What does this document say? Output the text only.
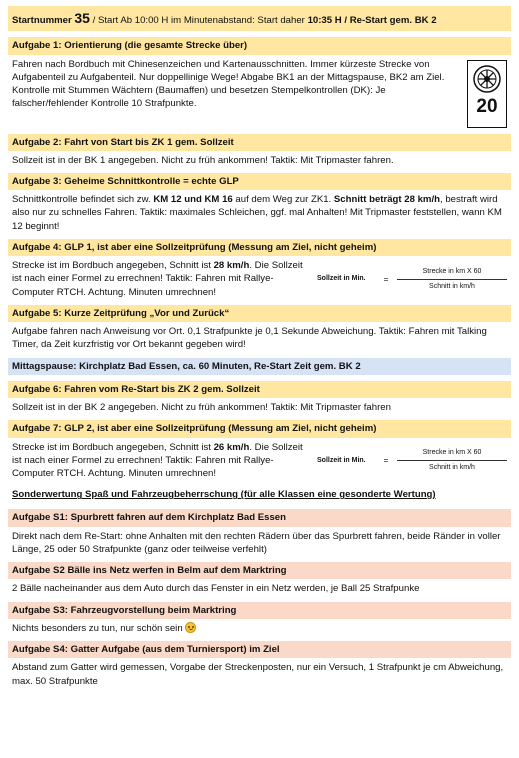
Startnummer 35 / Start Ab 10:00 H im Minutenabstand: Start daher 10:35 H / Re-Start gem. BK 2
Aufgabe 1: Orientierung (die gesamte Strecke über)
Fahren nach Bordbuch mit Chinesenzeichen und Kartenausschnitten. Immer kürzeste Strecke von Aufgabenteil zu Aufgabenteil. Nur doppellinige Wege! Abgabe BK1 an der Mittagspause, BK2 am Ziel. Kontrolle mit Stummen Wächtern (Baumaffen) und besetzen Stempelkontrollen (DK): Je falscher/fehlender Kontrolle 10 Strafpunkte.	20
Aufgabe 2: Fahrt von Start bis ZK 1 gem. Sollzeit
Sollzeit ist in der BK 1 angegeben. Nicht zu früh ankommen! Taktik: Mit Tripmaster fahren.
Aufgabe 3: Geheime Schnittkontrolle = echte GLP
Schnittkontrolle befindet sich zw. KM 12 und KM 16 auf dem Weg zur ZK1. Schnitt beträgt 28 km/h, bestraft wird also nur zu schnelles Fahren. Taktik: maximales Schleichen, ggf. mal Anhalten! Mit Tripmaster feststellen, wann KM 12 beginnt!
Aufgabe 4: GLP 1, ist aber eine Sollzeitprüfung (Messung am Ziel, nicht geheim)
Strecke ist im Bordbuch angegeben, Schnitt ist 28 km/h. Die Sollzeit ist nach einer Formel zu errechnen! Taktik: Fahren mit Rallye-Computer RTCH. Achtung. Minuten umrechnen!
Sollzeit in Min.	=	$\frac{\text{Strecke in km X 60}}{\text{Schnitt in km/h}}$
Aufgabe 5: Kurze Zeitprüfung „Vor und Zurück“
Aufgabe fahren nach Anweisung vor Ort. 0,1 Strafpunkte je 0,1 Sekunde Abweichung. Taktik: Fahren mit Talking Timer, da Zeit kurzfristig vor Ort bekannt gegeben wird!
Mittagspause: Kirchplatz Bad Essen, ca. 60 Minuten, Re-Start Zeit gem. BK 2
Aufgabe 6: Fahren vom Re-Start bis ZK 2 gem. Sollzeit
Sollzeit ist in der BK 2 angegeben. Nicht zu früh ankommen! Taktik: Mit Tripmaster fahren
Aufgabe 7: GLP 2, ist aber eine Sollzeitprüfung (Messung am Ziel, nicht geheim)
Strecke ist im Bordbuch angegeben, Schnitt ist 26 km/h. Die Sollzeit ist nach einer Formel zu errechnen! Taktik: Fahren mit Rallye-Computer RTCH. Achtung. Minuten umrechnen!
Sollzeit in Min.	=	$\frac{\text{Strecke in km X 60}}{\text{Schnitt in km/h}}$
Sonderwertung Spaß und Fahrzeugbeherrschung (für alle Klassen eine gesonderte Wertung)
Aufgabe S1: Spurbrett fahren auf dem Kirchplatz Bad Essen
Direkt nach dem Re-Start: ohne Anhalten mit den rechten Rädern über das Spurbrett fahren, beide Ränder in voller Länge, 25 oder 50 Strafpunkte (ganz oder teilweise verfehlt)
Aufgabe S2 Bälle ins Netz werfen in Belm auf dem Marktring
2 Bälle nacheinander aus dem Auto durch das Fenster in ein Netz werden, je Ball 25 Strafpunke
Aufgabe S3: Fahrzeugvorstellung beim Marktring
Nichts besonders zu tun, nur schön sein
Aufgabe S4: Gatter Aufgabe (aus dem Turniersport) im Ziel
Abstand zum Gatter wird gemessen, Vorgabe der Streckenposten, nur ein Versuch, 1 Strafpunkt je cm Abweichung, max. 50 Strafpunkte
